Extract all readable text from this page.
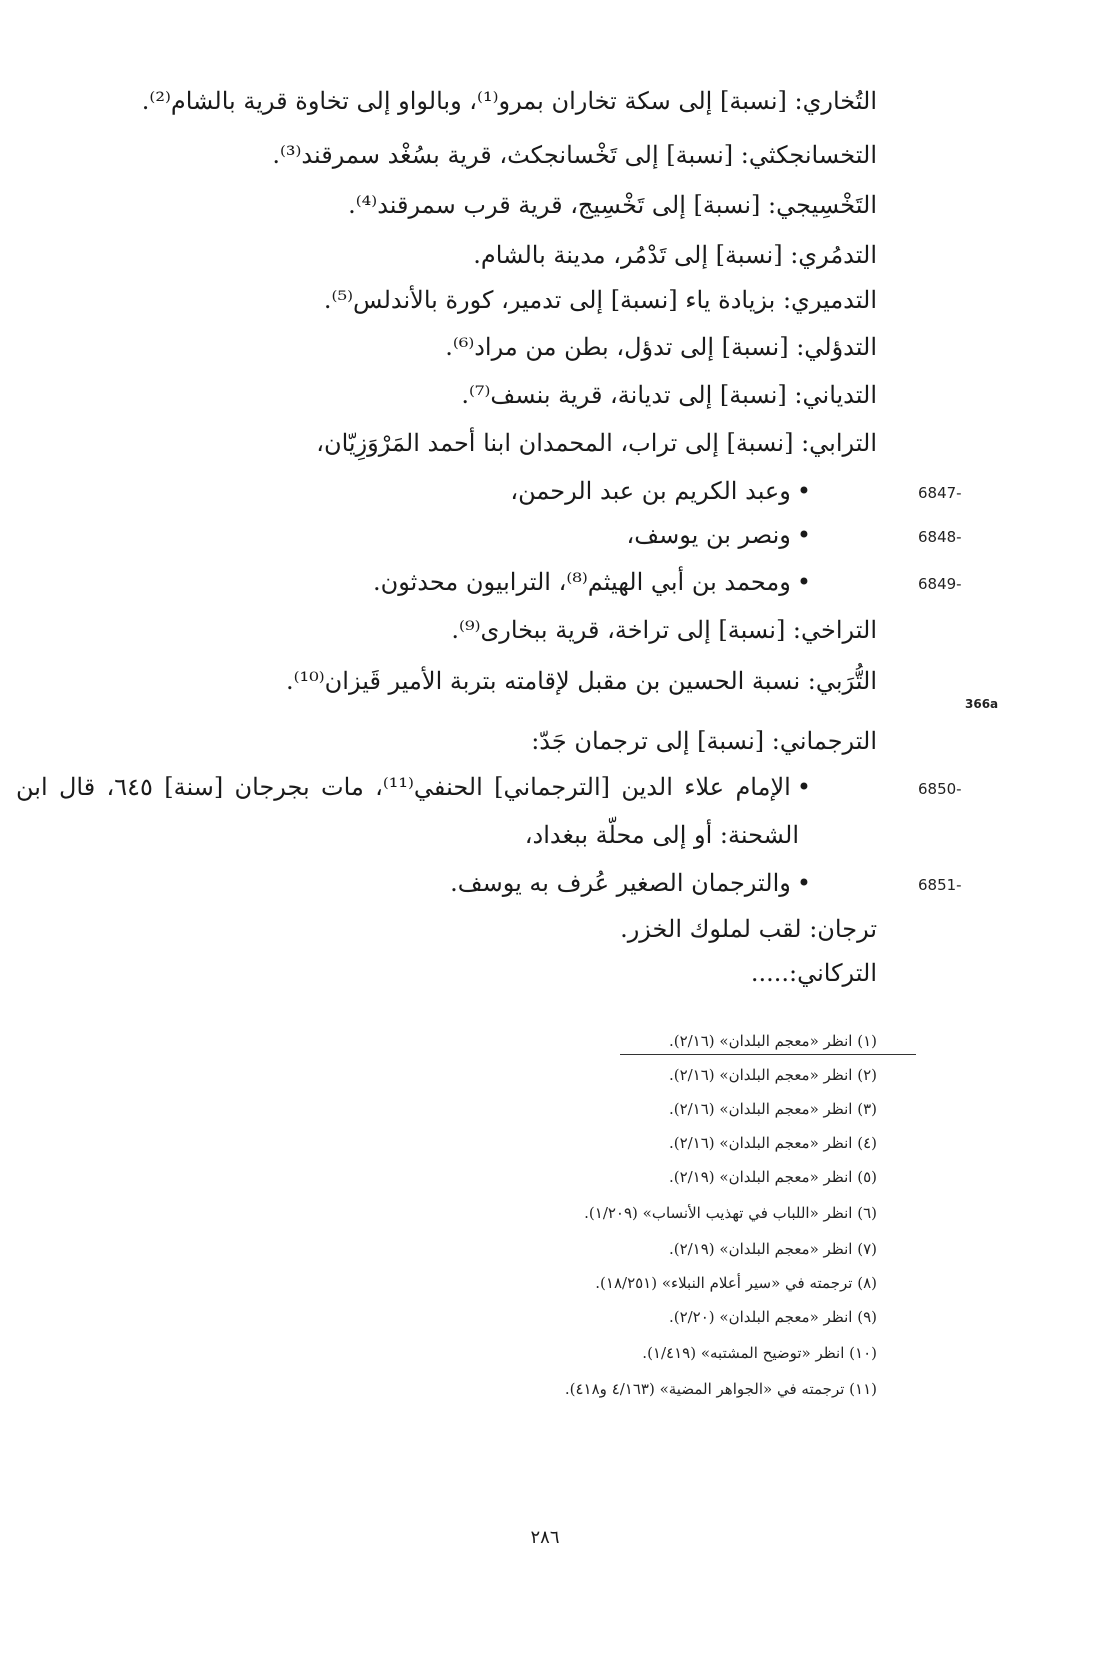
التُخاري: [نسبة] إلى سكة تخاران بمرو⁽¹⁾، وبالواو إلى تخاوة قرية بالشام⁽²⁾.
التخسانجكثي: [نسبة] إلى تَخْسانجكث، قرية بسُغْد سمرقند⁽³⁾.
التَخْسِيجي: [نسبة] إلى تَخْسِيج، قرية قرب سمرقند⁽⁴⁾.
التدمُري: [نسبة] إلى تَدْمُر، مدينة بالشام.
التدميري: بزيادة ياء [نسبة] إلى تدمير، كورة بالأندلس⁽⁵⁾.
التدؤلي: [نسبة] إلى تدؤل، بطن من مراد⁽⁶⁾.
التدياني: [نسبة] إلى تديانة، قرية بنسف⁽⁷⁾.
الترابي: [نسبة] إلى تراب، المحمدان ابنا أحمد المَرْوَزِيّان،
6847-
•وعبد الكريم بن عبد الرحمن،
6848-
•ونصر بن يوسف،
6849-
•ومحمد بن أبي الهيثم⁽⁸⁾، الترابيون محدثون.
التراخي: [نسبة] إلى تراخة، قرية ببخارى⁽⁹⁾.
التُّرَبي: نسبة الحسين بن مقبل لإقامته بتربة الأمير قَيزان⁽¹⁰⁾.
366a
الترجماني: [نسبة] إلى ترجمان جَدّ:
6850-
•الإمام علاء الدين [الترجماني] الحنفي⁽¹¹⁾، مات بجرجان [سنة] ٦٤٥، قال ابن
الشحنة: أو إلى محلّة ببغداد،
6851-
•والترجمان الصغير عُرف به يوسف.
ترجان: لقب لملوك الخزر.
التركاني:.....
(١) انظر «معجم البلدان» (٢/١٦).
(٢) انظر «معجم البلدان» (٢/١٦).
(٣) انظر «معجم البلدان» (٢/١٦).
(٤) انظر «معجم البلدان» (٢/١٦).
(٥) انظر «معجم البلدان» (٢/١٩).
(٦) انظر «اللباب في تهذيب الأنساب» (١/٢٠٩).
(٧) انظر «معجم البلدان» (٢/١٩).
(٨) ترجمته في «سير أعلام النبلاء» (١٨/٢٥١).
(٩) انظر «معجم البلدان» (٢/٢٠).
(١٠) انظر «توضيح المشتبه» (١/٤١٩).
(١١) ترجمته في «الجواهر المضية» (٤/١٦٣ و٤١٨).
٢٨٦
